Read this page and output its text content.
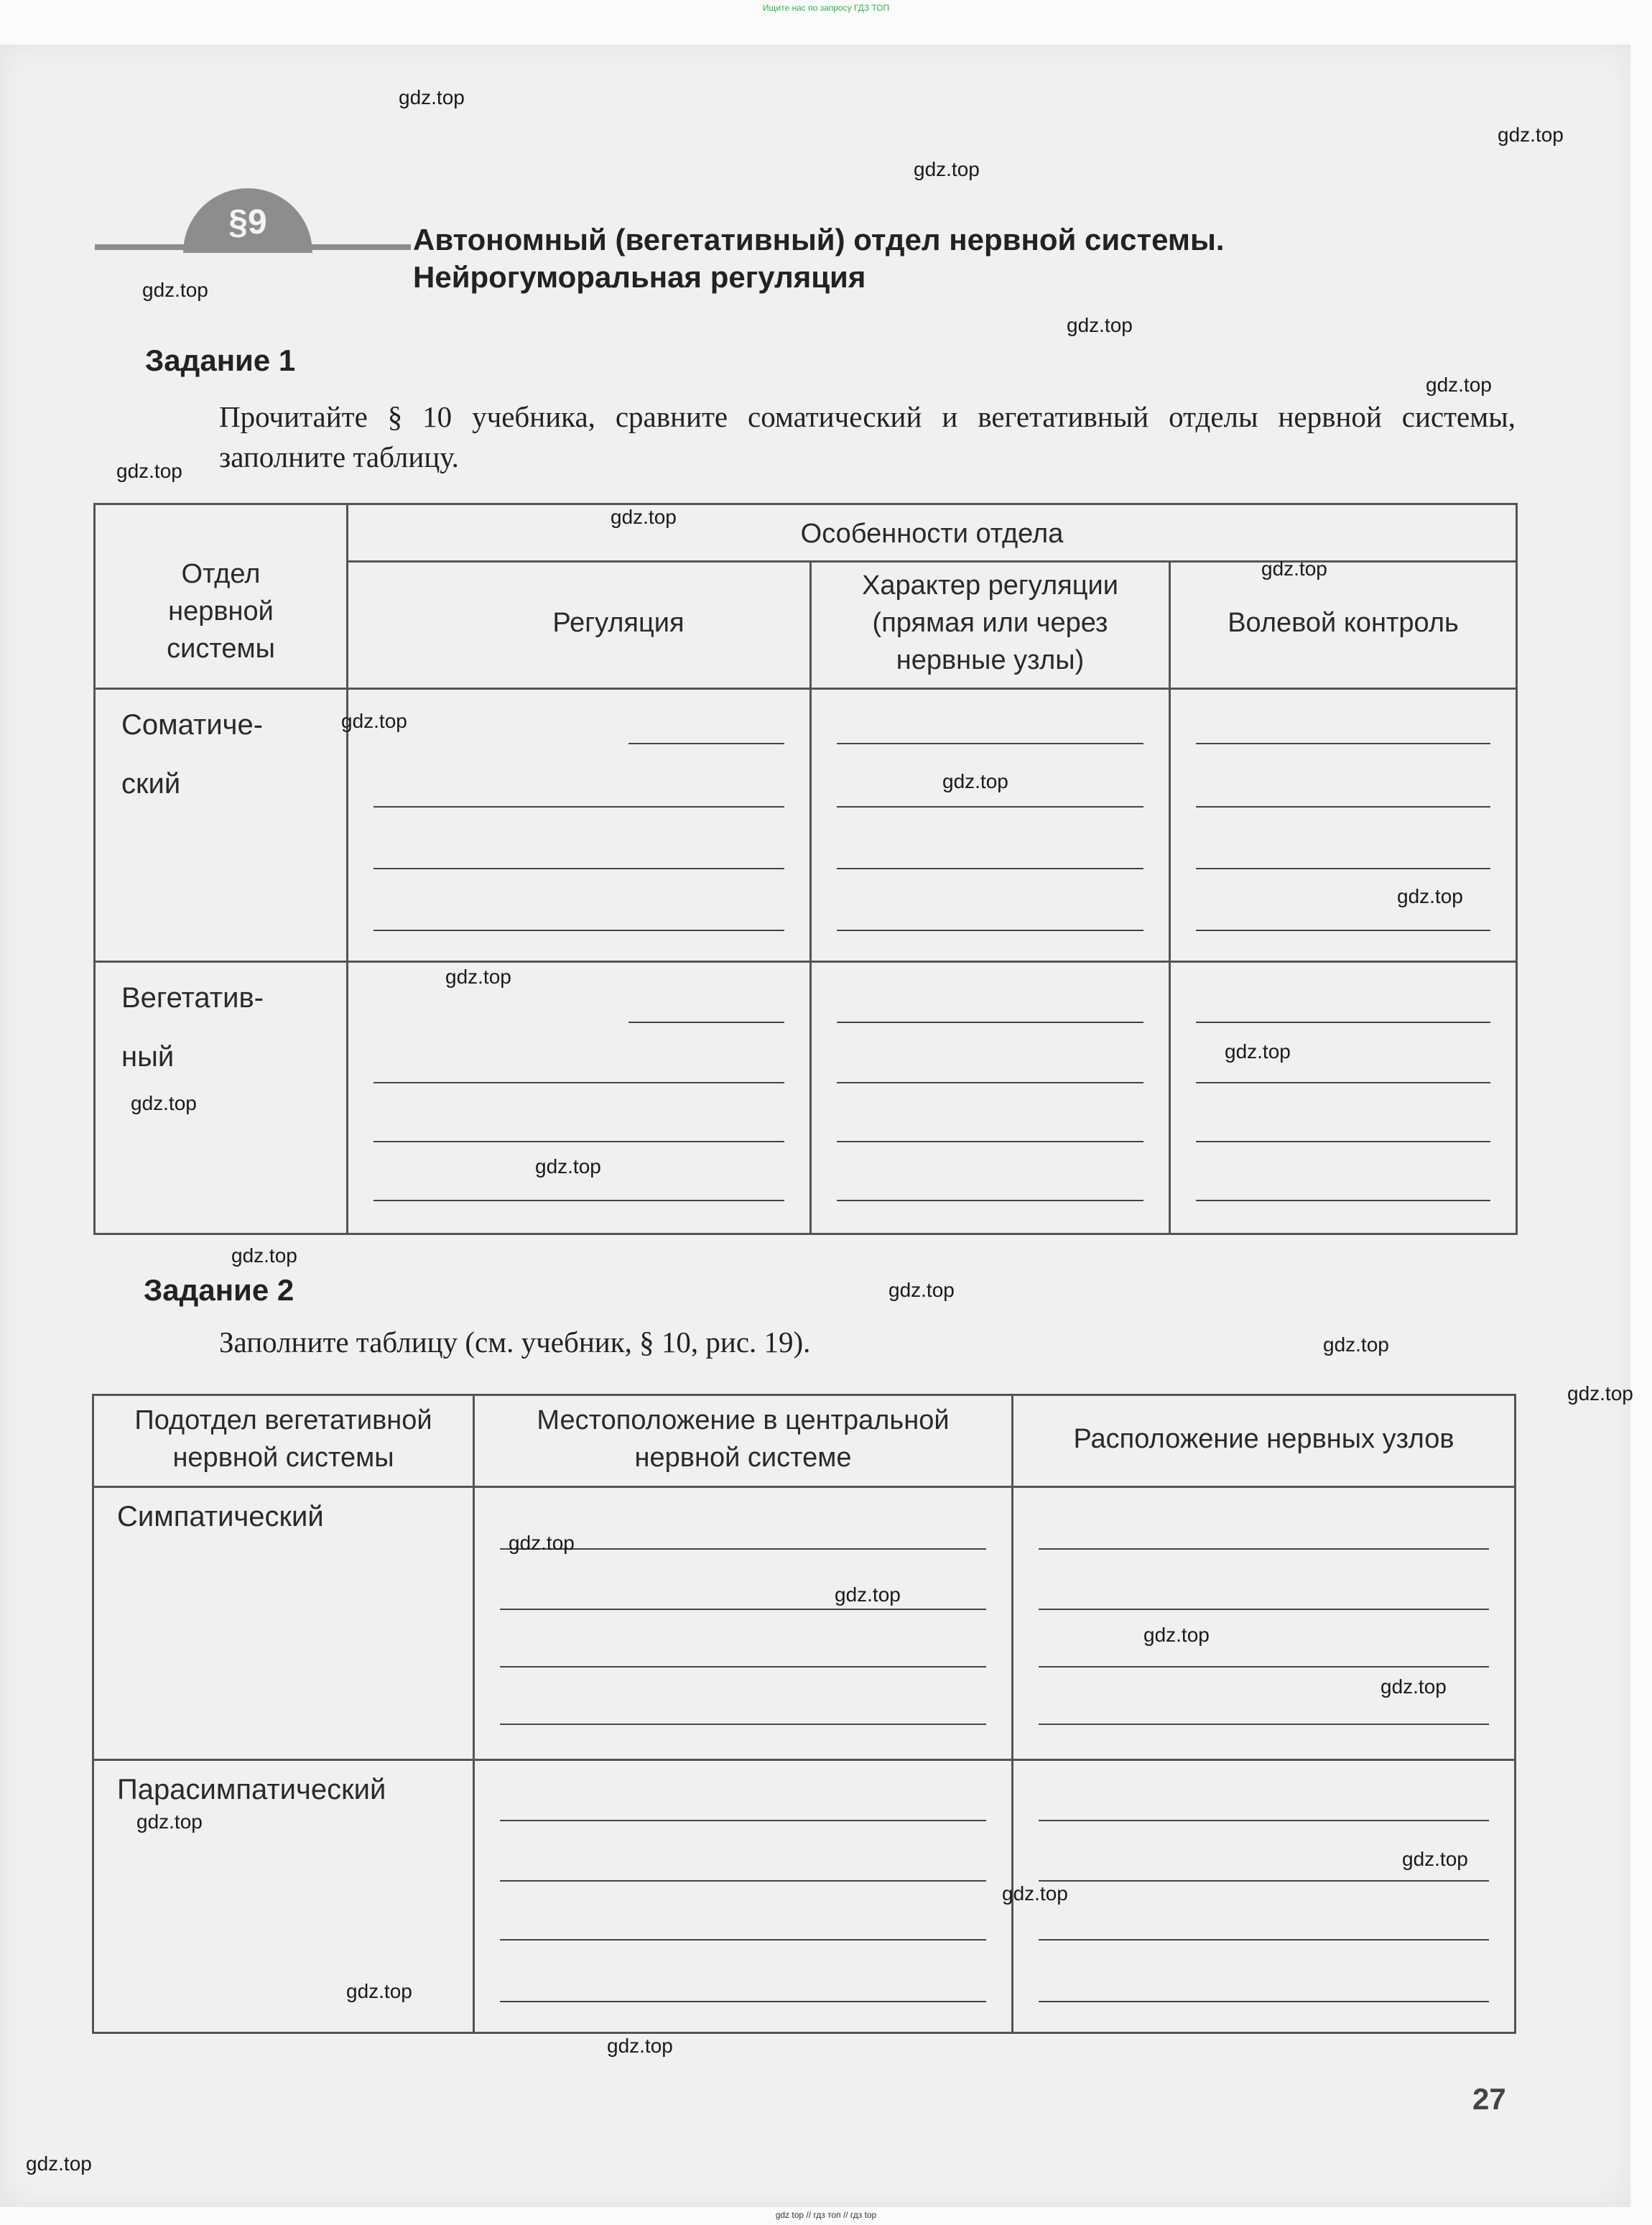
Ищите нас по запросу ГДЗ ТОП
§9	Автономный (вегетативный) отдел нервной системы.
Нейрогуморальная регуляция
Задание 1
Прочитайте § 10 учебника, сравните соматический и вегетативный отделы нервной системы, заполните таблицу.
Отдел нервной системы	Особенности отдела		

	Регуляция	Характер регуляции (прямая или через нервные узлы)	Волевой контроль

Соматиче-
ский			

Вегетатив-
ный			

Задание 2
Заполните таблицу (см. учебник, § 10, рис. 19).
Подотдел вегетативной нервной системы	Местоположение в центральной нервной системе	Расположение нервных узлов

Симпатический		

Парасимпатический		

27
gdz.top
gdz.top
gdz.top
gdz.top
gdz.top
gdz.top
gdz.top
gdz.top
gdz.top
gdz.top
gdz.top
gdz.top
gdz.top
gdz.top
gdz.top
gdz.top
gdz.top
gdz.top
gdz.top
gdz.top
gdz.top
gdz.top
gdz.top
gdz.top
gdz.top
gdz.top
gdz.top
gdz.top
gdz.top
gdz.top
gdz top // гдз топ // гдз top
